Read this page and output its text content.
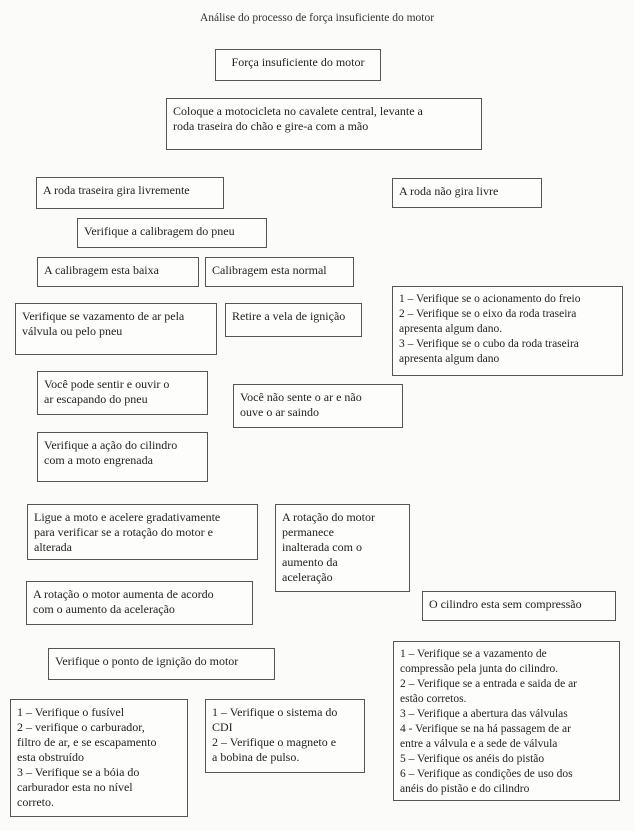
Análise do processo de força insuficiente do motor
Força insuficiente do motor
Coloque a motocicleta no cavalete central, levante a
roda traseira do chão e gire-a com a mão
A roda traseira gira livremente	A roda não gira livre
Verifique a calibragem do pneu
A calibragem esta baixa	Calibragem esta normal
Verifique se vazamento de ar pela
válvula ou pelo pneu
Retire a vela de ignição
1 – Verifique se o acionamento do freio
2 – Verifique se o eixo da roda traseira
apresenta algum dano.
3 – Verifique se o cubo da roda traseira
apresenta algum dano
Você pode sentir e ouvir o
ar escapando do pneu	Você não sente o ar e não
ouve o ar saindo
Verifique a ação do cilindro
com a moto engrenada
Ligue a moto e acelere gradativamente
para verificar se a rotação do motor e
alterada
A rotação do motor
permanece
inalterada com o
aumento da
aceleração
A rotação o motor aumenta de acordo
com o aumento da aceleração	O cilindro esta sem compressão
Verifique o ponto de ignição do motor	1 – Verifique se a vazamento de
compressão pela junta do cilindro.
2 – Verifique se a entrada e saida de ar
estão corretos.
3 – Verifique a abertura das válvulas
4 - Verifique se na há passagem de ar
entre a válvula e a sede de válvula
5 – Verifique os anéis do pistão
6 – Verifique as condições de uso dos
anéis do pistão e do cilindro
1 – Verifique o fusível
2 – verifique o carburador,
filtro de ar, e se escapamento
esta obstruído
3 – Verifique se a bóia do
carburador esta no nível
correto.
1 – Verifique o sistema do
CDI
2 – Verifique o magneto e
a bobina de pulso.
